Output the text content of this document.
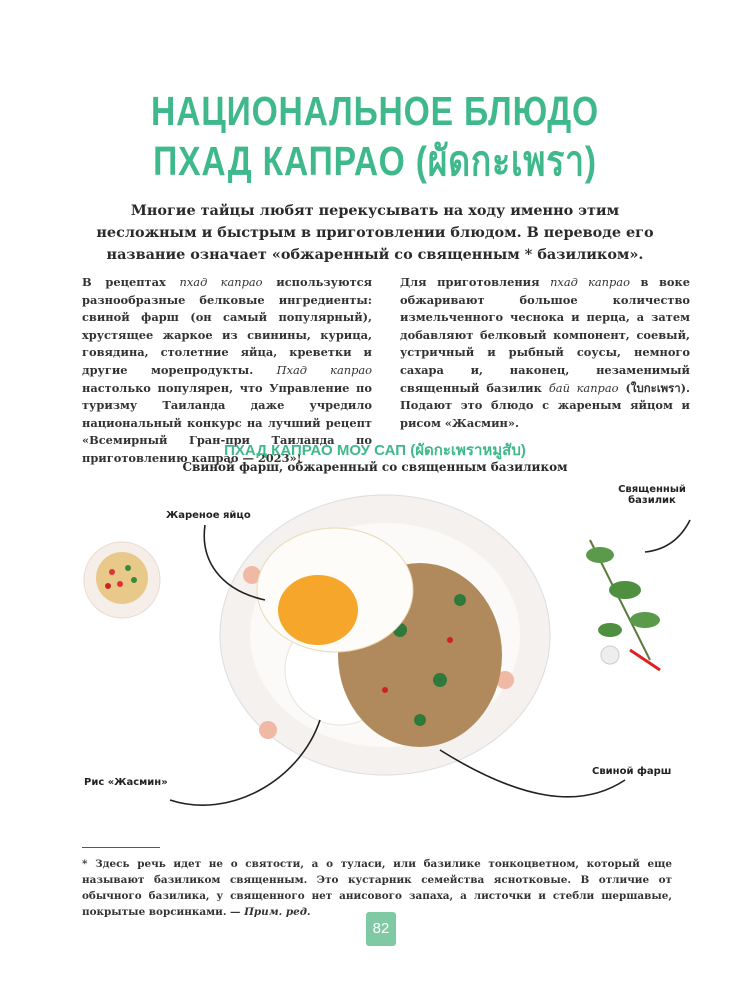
НАЦИОНАЛЬНОЕ БЛЮДО
ПХАД КАПРАО (ผัดกะเพรา)
Многие тайцы любят перекусывать на ходу именно этим несложным и быстрым в приготовлении блюдом. В переводе его название означает «обжаренный со священным * базиликом».
В рецептах пхад капрао используются разнообразные белковые ингредиенты: свиной фарш (он самый популярный), хрустящее жаркое из свинины, курица, говядина, столетние яйца, креветки и другие морепродукты. Пхад капрао настолько популярен, что Управление по туризму Таиланда даже учредило национальный конкурс на лучший рецепт «Всемирный Гран-при Таиланда по приготовлению капрао — 2023»!
Для приготовления пхад капрао в воке обжаривают большое количество измельченного чеснока и перца, а затем добавляют белковый компонент, соевый, устричный и рыбный соусы, немного сахара и, наконец, незаменимый священный базилик бай капрао (ใบกะเพรา). Подают это блюдо с жареным яйцом и рисом «Жасмин».
ПХАД КАПРАО МОУ САП (ผัดกะเพราหมูสับ)
Свиной фарш, обжаренный со священным базиликом
Жареное яйцо
Священный базилик
Рис «Жасмин»
Свиной фарш
* Здесь речь идет не о святости, а о туласи, или базилике тонкоцветном, который еще называют базиликом священным. Это кустарник семейства яснотковые. В отличие от обычного базилика, у священного нет анисового запаха, а листочки и стебли шершавые, покрытые ворсинками. — Прим. ред.
82
